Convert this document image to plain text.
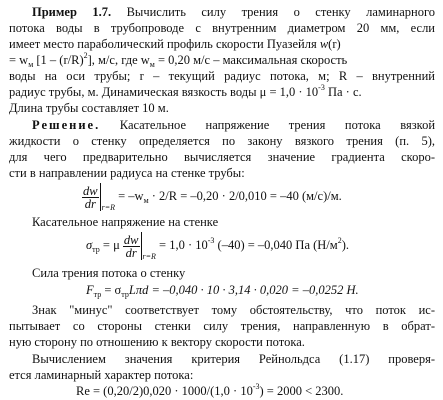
Пример 1.7. Вычислить силу трения о стенку ламинарного
потока воды в трубопроводе с внутренним диаметром 20 мм, если
имеет место параболический профиль скорости Пуазейля w(r)
= $w_м$ $[1 - (r/R)^2]$, м/с, где $w_м = 0,20$ м/с – максимальная скорость
воды на оси трубы; r – текущий радиус потока, м; R – внутренний
радиус трубы, м. Динамическая вязкость воды $\mu = 1,0 \cdot 10^{-3}$ Па · с.
Длина трубы составляет 10 м.
Решение. Касательное напряжение трения потока вязкой
жидкости о стенку определяется по закону вязкого трения (п. 5),
для чего предварительно вычисляется значение градиента скоро-
сти в направлении радиуса на стенке трубы:
$\frac{dw}{dr} _{r=R} = -w_м \cdot 2/R = -0,20 \cdot 2/0,010 = -40$ (м/с)/м.
Касательное напряжение на стенке
$\sigma_{тр} = \mu \frac{dw}{dr} _{r=R} = 1,0 \cdot 10^{-3}$ (–40) = –0,040 Па $(Н/м^2)$.
Сила трения потока о стенку
$F_{тр} = \sigma_{тр}L\pi d = -0,040 \cdot 10 \cdot 3,14 \cdot 0,020 = -0,0252$ Н.
Знак "минус" соответствует тому обстоятельству, что поток ис-
пытывает со стороны стенки силу трения, направленную в обрат-
ную сторону по отношению к вектору скорости потока.
Вычислением значения критерия Рейнольдса (1.17) проверя-
ется ламинарный характер потока:
$Re = (0,20/2)0,020 \cdot 1000/(1,0 \cdot 10^{-3}) = 2000 < 2300$.
